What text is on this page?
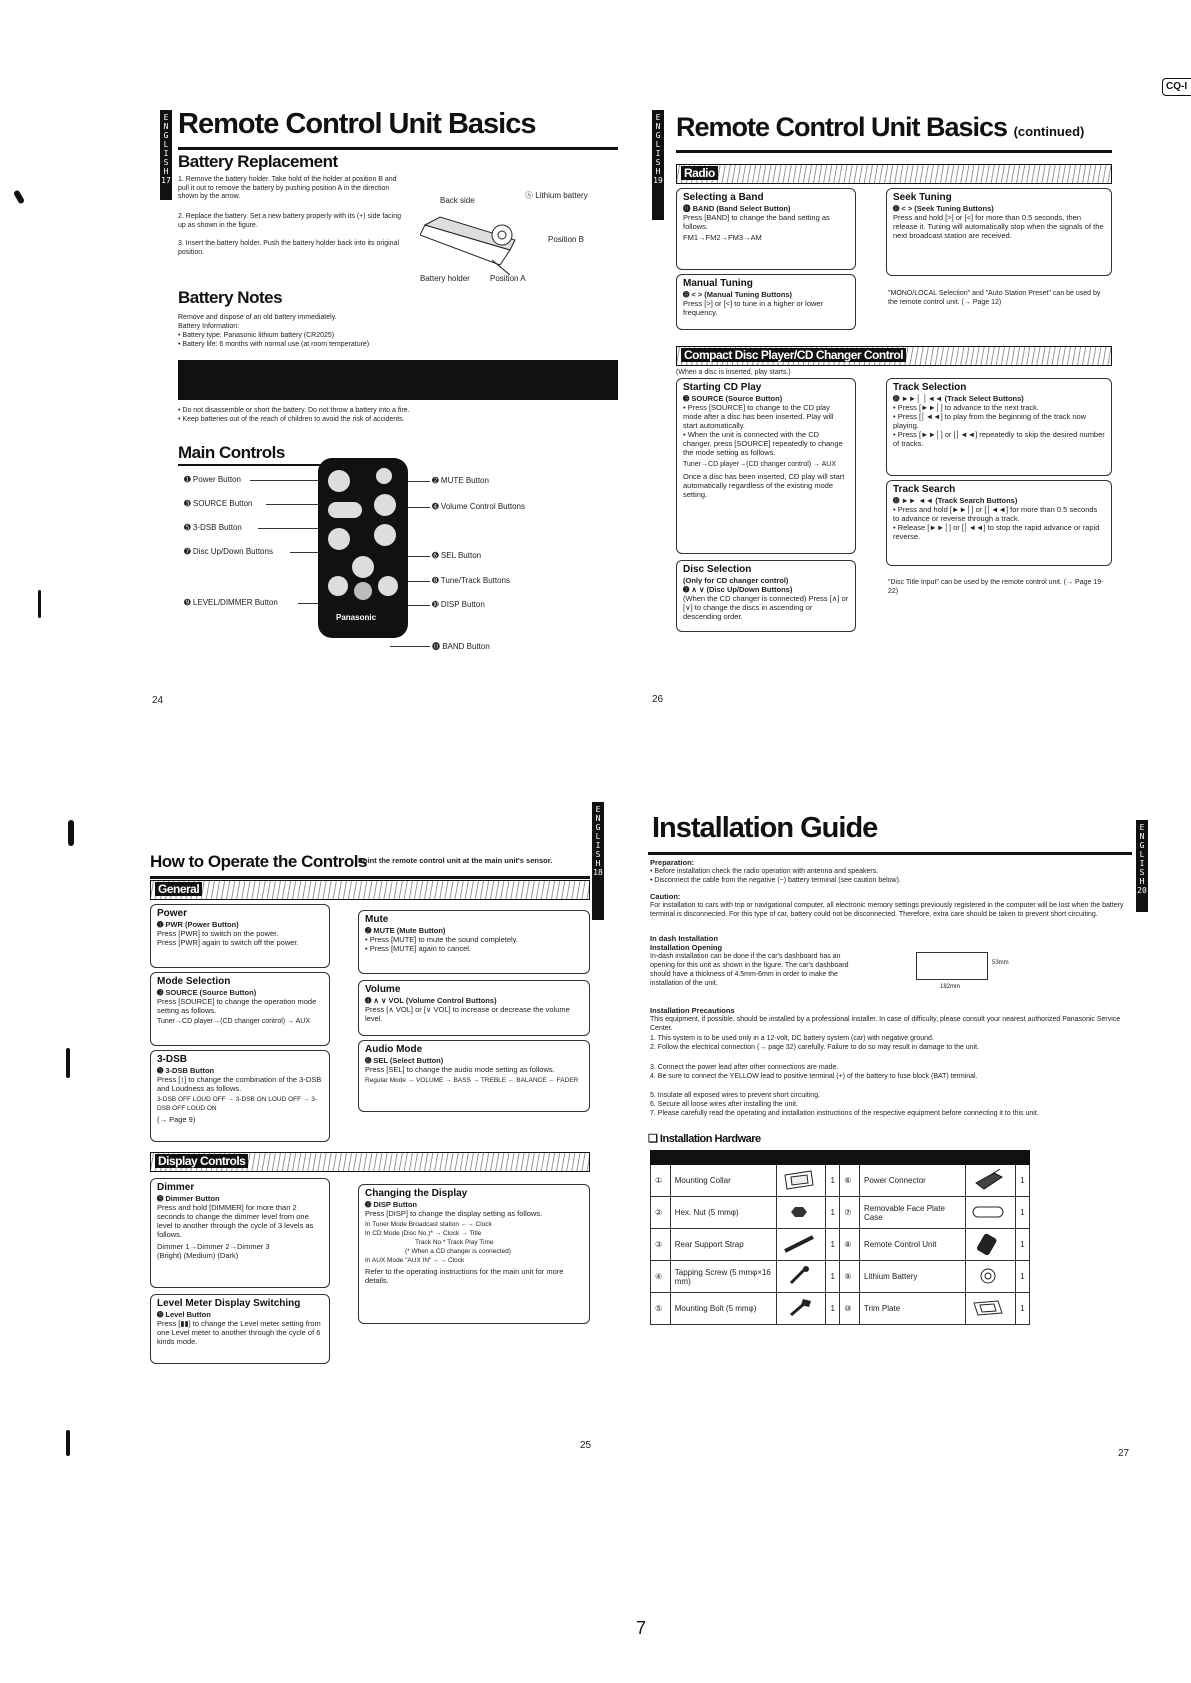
CQ-I
7
E N G L I S H
17
Remote Control Unit Basics
Battery Replacement
1. Remove the battery holder. Take hold of the holder at position B and pull it out to remove the battery by pushing position A in the direction shown by the arrow.
2. Replace the battery. Set a new battery properly with its (+) side facing up as shown in the figure.
3. Insert the battery holder. Push the battery holder back into its original position.
Back side
Ⓢ Lithium battery
Position B
Battery holder	Position A
Battery Notes
Remove and dispose of an old battery immediately.
Battery Information:
• Battery type: Panasonic lithium battery (CR2025)
• Battery life: 6 months with normal use (at room temperature)
• Do not disassemble or short the battery. Do not throw a battery into a fire.
• Keep batteries out of the reach of children to avoid the risk of accidents.
Main Controls
➊ Power Button
➌ SOURCE Button
➎ 3-DSB Button
➐ Disc Up/Down Buttons
➒ LEVEL/DIMMER Button
Panasonic
➋ MUTE Button
➍ Volume Control Buttons
➏ SEL Button
➑ Tune/Track Buttons
➓ DISP Button
⓫ BAND Button
24
E N G L I S H
19
Remote Control Unit Basics (continued)
Radio
Selecting a Band
⓫ BAND (Band Select Button)
Press [BAND] to change the band setting as follows.
FM1→FM2→FM3→AM
Manual Tuning
➑ < > (Manual Tuning Buttons)
Press [>] or [<] to tune in a higher or lower frequency.
Seek Tuning
➑ < > (Seek Tuning Buttons)
Press and hold [>] or [<] for more than 0.5 seconds, then release it. Tuning will automatically stop when the signals of the next broadcast station are received.
"MONO/LOCAL Selection" and "Auto Station Preset" can be used by the remote control unit. (→ Page 12)
Compact Disc Player/CD Changer Control
(When a disc is inserted, play starts.)
Starting CD Play
➌ SOURCE (Source Button)
• Press [SOURCE] to change to the CD play mode after a disc has been inserted. Play will start automatically.
• When the unit is connected with the CD changer, press [SOURCE] repeatedly to change the mode setting as follows.
Tuner→CD player→(CD changer control) → AUX
Once a disc has been inserted, CD play will start automatically regardless of the existing mode setting.
Disc Selection
(Only for CD changer control)
➐ ∧ ∨ (Disc Up/Down Buttons)
(When the CD changer is connected) Press [∧] or [∨] to change the discs in ascending or descending order.
Track Selection
➑ ►►│ │◄◄ (Track Select Buttons)
• Press [►►│] to advance to the next track.
• Press [│◄◄] to play from the beginning of the track now playing.
• Press [►►│] or [│◄◄] repeatedly to skip the desired number of tracks.
Track Search
➑ ►► ◄◄ (Track Search Buttons)
• Press and hold [►►│] or [│◄◄] for more than 0.5 seconds to advance or reverse through a track.
• Release [►►│] or [│◄◄] to stop the rapid advance or rapid reverse.
"Disc Title Input" can be used by the remote control unit. (→ Page 19-22)
26
E N G L I S H
18
How to Operate the Controls
Point the remote control unit at the main unit's sensor.
General
Power
➊ PWR (Power Button)
Press [PWR] to switch on the power.
Press [PWR] again to switch off the power.
Mode Selection
➌ SOURCE (Source Button)
Press [SOURCE] to change the operation mode setting as follows.
Tuner→CD player→(CD changer control) → AUX
3-DSB
➎ 3-DSB Button
Press [↕] to change the combination of the 3-DSB and Loudness as follows.
3-DSB OFF LOUD OFF → 3-DSB ON LOUD OFF → 3-DSB OFF LOUD ON
(→ Page 9)
Mute
➋ MUTE (Mute Button)
• Press [MUTE] to mute the sound completely.
• Press [MUTE] again to cancel.
Volume
➍ ∧ ∨ VOL (Volume Control Buttons)
Press [∧ VOL] or [∨ VOL] to increase or decrease the volume level.
Audio Mode
➏ SEL (Select Button)
Press [SEL] to change the audio mode setting as follows.
Regular Mode → VOLUME → BASS → TREBLE ← BALANCE ← FADER
Display Controls
Dimmer
➒ Dimmer Button
Press and hold [DIMMER] for more than 2 seconds to change the dimmer level from one level to another through the cycle of 3 levels as follows.
Dimmer 1→Dimmer 2→Dimmer 3
(Bright) (Medium) (Dark)
Level Meter Display Switching
➒ Level Button
Press [▮▮] to change the Level meter setting from one Level meter to another through the cycle of 6 kinds mode.
Changing the Display
➓ DISP Button
Press [DISP] to change the display setting as follows.
In Tuner Mode Broadcast station ←→ Clock
In CD Mode (Disc No.)* → Clock → Title
Track No.* Track Play Time
(* When a CD changer is connected)
In AUX Mode "AUX IN" ←→ Clock
Refer to the operating instructions for the main unit for more details.
25
E N G L I S H
20
Installation Guide
Preparation:
• Before installation check the radio operation with antenna and speakers.
• Disconnect the cable from the negative (−) battery terminal (see caution below).
Caution:
For installation to cars with trip or navigational computer, all electronic memory settings previously registered in the computer will be lost when the battery terminal is disconnected. For this type of car, battery could not be disconnected. Therefore, extra care should be taken to prevent short circuiting.
In dash Installation
Installation Opening
In-dash installation can be done if the car's dashboard has an opening for this unit as shown in the figure. The car's dashboard should have a thickness of 4.5mm-6mm in order to make the installation of the unit.
53mm
182mm
Installation Precautions
This equipment, if possible, should be installed by a professional installer. In case of difficulty, please consult your nearest authorized Panasonic Service Center.
1. This system is to be used only in a 12-volt, DC battery system (car) with negative ground.
2. Follow the electrical connection (→ page 32) carefully. Failure to do so may result in damage to the unit.
3. Connect the power lead after other connections are made.
4. Be sure to connect the YELLOW lead to positive terminal (+) of the battery to fuse block (BAT) terminal.
5. Insulate all exposed wires to prevent short circuiting.
6. Secure all loose wires after installing the unit.
7. Please carefully read the operating and installation instructions of the respective equipment before connecting it to this unit.
❑ Installation Hardware

①	Mounting Collar		1	⑥	Power Connector		1
②	Hex. Nut (5 mmφ)		1	⑦	Removable Face Plate Case		1
③	Rear Support Strap		1	⑧	Remote Control Unit		1
④	Tapping Screw (5 mmφ×16 mm)		1	⑨	Lithium Battery		1
⑤	Mounting Bolt (5 mmφ)		1	⑩	Trim Plate		1
27
